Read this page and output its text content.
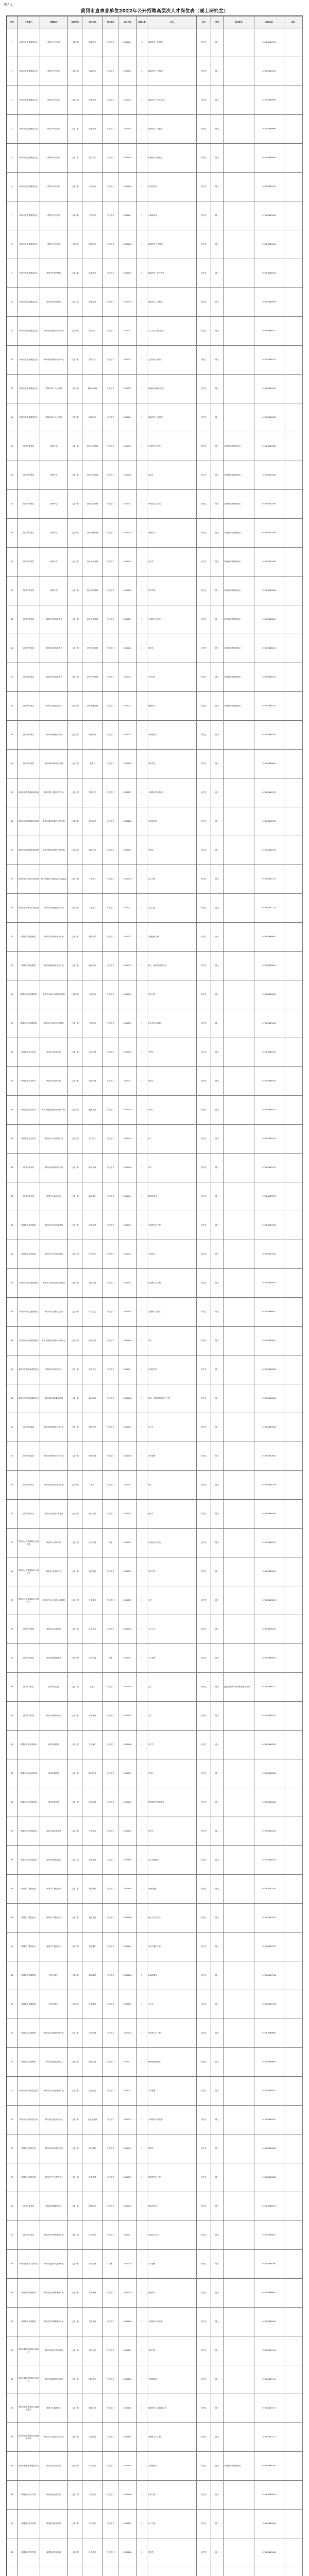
附件1：
黄冈市直事业单位2022年公开招聘高层次人才岗位表（硕士研究生）
序号	主管部门	招聘单位	单位性质	岗位名称	岗位类别	岗位代码	招聘人数	专业	学历	学位	其他要求	联系电话	备注
1	黄冈市卫生健康委员会	黄冈市中心医院	公益二类	临床医师	专业技术	2022001	3	临床医学（内科学）	研究生	硕士		0713-8656990	
2	黄冈市卫生健康委员会	黄冈市中心医院	公益二类	临床医师	专业技术	2022002	2	临床医学（外科学）	研究生	硕士		0713-8656990	
3	黄冈市卫生健康委员会	黄冈市中心医院	公益二类	临床医师	专业技术	2022003	2	临床医学（妇产科学）	研究生	硕士		0713-8656990	
4	黄冈市卫生健康委员会	黄冈市中心医院	公益二类	临床医师	专业技术	2022004	1	临床医学（儿科学）	研究生	硕士		0713-8656990	
5	黄冈市卫生健康委员会	黄冈市中心医院	公益二类	医技人员	专业技术	2022005	1	影像医学与核医学	研究生	硕士		0713-8656990	
6	黄冈市卫生健康委员会	黄冈市中医医院	公益二类	中医医师	专业技术	2022006	2	中医内科学	研究生	硕士		0713-8625432	
7	黄冈市卫生健康委员会	黄冈市中医医院	公益二类	中医医师	专业技术	2022007	1	针灸推拿学	研究生	硕士		0713-8625432	
8	黄冈市卫生健康委员会	黄冈市中医医院	公益二类	临床医师	专业技术	2022008	1	临床医学（外科学）	研究生	硕士		0713-8625432	
9	黄冈市卫生健康委员会	黄冈市妇幼保健院	公益二类	临床医师	专业技术	2022009	2	临床医学（妇产科学）	研究生	硕士		0713-8338616	
10	黄冈市卫生健康委员会	黄冈市妇幼保健院	公益二类	临床医师	专业技术	2022010	1	临床医学（儿科学）	研究生	硕士		0713-8338616	
11	黄冈市卫生健康委员会	黄冈市疾病预防控制中心	公益一类	疾控技术	专业技术	2022011	1	公共卫生与预防医学	研究生	硕士		0713-8656512	
12	黄冈市卫生健康委员会	黄冈市疾病预防控制中心	公益一类	检验技术	专业技术	2022012	1	卫生检验与检疫	研究生	硕士		0713-8656512	
13	黄冈市卫生健康委员会	黄冈市第二人民医院	公益二类	精神科医师	专业技术	2022013	1	精神病与精神卫生学	研究生	硕士		0713-8656330	
14	黄冈市卫生健康委员会	黄冈市第二人民医院	公益二类	临床医师	专业技术	2022014	1	临床医学（内科学）	研究生	硕士		0713-8656330	
15	黄冈市教育局	黄冈中学	公益一类	高中语文教师	专业技术	2022015	1	中国语言文学类	研究生	硕士	具有相应教师资格证	0713-8620380	
16	黄冈市教育局	黄冈中学	公益一类	高中数学教师	专业技术	2022016	1	数学类	研究生	硕士	具有相应教师资格证	0713-8620380	
17	黄冈市教育局	黄冈中学	公益一类	高中英语教师	专业技术	2022017	1	外国语言文学类	研究生	硕士	具有相应教师资格证	0713-8620380	
18	黄冈市教育局	黄冈中学	公益一类	高中物理教师	专业技术	2022018	1	物理学类	研究生	硕士	具有相应教师资格证	0713-8620380	
19	黄冈市教育局	黄冈中学	公益一类	高中化学教师	专业技术	2022019	1	化学类	研究生	硕士	具有相应教师资格证	0713-8620380	
20	黄冈市教育局	黄冈中学	公益一类	高中生物教师	专业技术	2022020	1	生物学类	研究生	硕士	具有相应教师资格证	0713-8620380	
21	黄冈市教育局	黄冈市实验高级中学	公益一类	高中语文教师	专业技术	2022021	1	中国语言文学类	研究生	硕士	具有相应教师资格证	0713-8338210	
22	黄冈市教育局	黄冈市实验高级中学	公益一类	高中数学教师	专业技术	2022022	1	数学类	研究生	硕士	具有相应教师资格证	0713-8338210	
23	黄冈市教育局	黄冈市实验高级中学	公益一类	高中历史教师	专业技术	2022023	1	历史学类	研究生	硕士	具有相应教师资格证	0713-8338210	
24	黄冈市教育局	黄冈市实验高级中学	公益一类	高中地理教师	专业技术	2022024	1	地理学类	研究生	硕士	具有相应教师资格证	0713-8338210	
25	黄冈市教育局	黄冈市特殊教育学校	公益一类	特教教师	专业技术	2022025	1	特殊教育学	研究生	硕士		0713-8656700	
26	黄冈市教育局	黄冈市教育科学研究院	公益一类	教研员	专业技术	2022026	1	教育学类	研究生	硕士		0713-8656802	
27	黄冈市自然资源和规划局	黄冈市国土资源信息中心	公益一类	信息技术	专业技术	2022027	1	计算机科学与技术	研究生	硕士		0713-8656178	
28	黄冈市自然资源和规划局	黄冈市城乡规划设计研究院	公益二类	规划设计	专业技术	2022028	1	城乡规划学	研究生	硕士		0713-8656178	
29	黄冈市自然资源和规划局	黄冈市城乡规划设计研究院	公益二类	建筑设计	专业技术	2022029	1	建筑学	研究生	硕士		0713-8656178	
30	黄冈市住房和城乡建设局	黄冈市建设工程质量安全监督站	公益一类	工程技术	专业技术	2022030	1	土木工程	研究生	硕士		0713-8657215	
31	黄冈市住房和城乡建设局	黄冈市市政设施维护中心	公益一类	工程技术	专业技术	2022031	1	市政工程	研究生	硕士		0713-8657215	
32	黄冈市交通运输局	黄冈市公路事业发展中心	公益一类	道路桥梁	专业技术	2022032	1	交通运输工程	研究生	硕士		0713-8656601	
33	黄冈市交通运输局	黄冈市港航事业发展中心	公益一类	港航工程	专业技术	2022033	1	港口、海岸及近海工程	研究生	硕士		0713-8656601	
34	黄冈市水利和湖泊局	黄冈市水利水电勘察设计院	公益二类	水利工程	专业技术	2022034	1	水利工程	研究生	硕士		0713-8625581	
35	黄冈市水利和湖泊局	黄冈市白莲河水库管理处	公益一类	水利工程	专业技术	2022035	1	水文学及水资源	研究生	硕士		0713-8625581	
36	黄冈市农业农村局	黄冈市农业科学院	公益一类	农业科研	专业技术	2022036	2	作物学	研究生	硕士		0713-8656410	
37	黄冈市农业农村局	黄冈市农业科学院	公益一类	园艺科研	专业技术	2022037	1	园艺学	研究生	硕士		0713-8656410	
38	黄冈市农业农村局	黄冈市畜牧兽医技术推广中心	公益一类	畜牧兽医	专业技术	2022038	1	兽医学	研究生	硕士		0713-8656410	
39	黄冈市农业农村局	黄冈市水产技术推广站	公益一类	水产技术	专业技术	2022039	1	水产	研究生	硕士		0713-8656410	
40	黄冈市林业局	黄冈市林业科学研究所	公益一类	林业科研	专业技术	2022040	1	林学	研究生	硕士		0713-8625327	
41	黄冈市林业局	黄冈市大崎山林场	公益一类	森林保护	专业技术	2022041	1	森林保护学	研究生	硕士		0713-8625327	
42	黄冈市生态环境局	黄冈市生态环境监测站	公益一类	环境监测	专业技术	2022042	1	环境科学与工程	研究生	硕士		0713-8657028	
43	黄冈市生态环境局	黄冈市生态环境监测站	公益一类	分析化学	专业技术	2022043	1	分析化学	研究生	硕士		0713-8657028	
44	黄冈市市场监督管理局	黄冈市产品质量监督检验所	公益一类	检验检测	专业技术	2022044	1	食品科学与工程	研究生	硕士		0713-8656952	
45	黄冈市市场监督管理局	黄冈市计量测试检定所	公益一类	计量检定	专业技术	2022045	1	仪器科学与技术	研究生	硕士		0713-8656952	
46	黄冈市市场监督管理局	黄冈市食品药品检验检测中心	公益一类	药品检验	专业技术	2022046	1	药学	研究生	硕士		0713-8656952	
47	黄冈市发展和改革委员会	黄冈市经济研究中心	公益一类	经济研究	专业技术	2022047	1	应用经济学	研究生	硕士		0713-8656218	
48	黄冈市发展和改革委员会	黄冈市粮油质量监测站	公益一类	粮油检测	专业技术	2022048	1	粮食、油脂及植物蛋白工程	研究生	硕士		0713-8656218	
49	黄冈市财政局	黄冈市财政投资评审中心	公益一类	投资评审	专业技术	2022049	1	会计学	研究生	硕士		0713-8657662	
50	黄冈市财政局	黄冈市国库集中支付中心	公益一类	财务管理	专业技术	2022050	1	财务管理	研究生	硕士		0713-8657662	
51	黄冈市审计局	黄冈市经济责任审计中心	公益一类	审计	专业技术	2022051	1	审计	研究生	硕士		0713-8656736	
52	黄冈市统计局	黄冈市社会经济调查队	公益一类	统计分析	专业技术	2022052	1	统计学	研究生	硕士		0713-8656361	
53	黄冈市人力资源和社会保障局	黄冈市人事考试院	公益一类	综合管理	管理	2022053	1	中国语言文学类	研究生	硕士		0713-8656293	
54	黄冈市人力资源和社会保障局	黄冈市社会保险中心	公益一类	信息管理	专业技术	2022054	1	软件工程	研究生	硕士		0713-8656293	
55	黄冈市人力资源和社会保障局	黄冈市劳动人事争议仲裁院	公益一类	法律事务	专业技术	2022055	1	法学	研究生	硕士		0713-8656293	
56	黄冈市民政局	黄冈市社会福利院	公益一类	社会工作	专业技术	2022056	1	社会工作	研究生	硕士		0713-8656095	
57	黄冈市民政局	黄冈市救助管理站	公益一类	综合管理	管理	2022057	1	公共管理	研究生	硕士		0713-8656095	
58	黄冈市司法局	黄冈市公证处	公益二类	公证员	专业技术	2022058	1	法学	研究生	硕士	通过国家统一法律职业资格考试	0713-8656122	
59	黄冈市司法局	黄冈市法律援助中心	公益一类	法律援助	专业技术	2022059	1	法学	研究生	硕士		0713-8656122	
60	黄冈市文化和旅游局	黄冈市博物馆	公益一类	文物保护	专业技术	2022060	1	考古学	研究生	硕士		0713-8656528	
61	黄冈市文化和旅游局	黄冈市博物馆	公益一类	陈列展览	专业技术	2022061	1	中国史	研究生	硕士		0713-8656528	
62	黄冈市文化和旅游局	黄冈市图书馆	公益一类	图书管理	专业技术	2022062	1	图书情报与档案管理	研究生	硕士		0713-8656528	
63	黄冈市文化和旅游局	黄冈市群众艺术馆	公益一类	文艺创作	专业技术	2022063	1	艺术学	研究生	硕士		0713-8656528	
64	黄冈市文化和旅游局	黄冈市黄梅戏剧院	公益二类	音乐创作	专业技术	2022064	1	音乐与舞蹈学	研究生	硕士		0713-8656528	
65	黄冈市广播电视台	黄冈市广播电视台	公益二类	新闻采编	专业技术	2022065	2	新闻传播学	研究生	硕士		0713-8657105	
66	黄冈市广播电视台	黄冈市广播电视台	公益二类	播音主持	专业技术	2022066	1	播音与主持艺术	研究生	硕士		0713-8657105	
67	黄冈市广播电视台	黄冈市广播电视台	公益二类	技术维护	专业技术	2022067	1	信息与通信工程	研究生	硕士		0713-8657105	
68	黄冈日报传媒集团	黄冈日报社	公益二类	新闻编辑	专业技术	2022068	2	新闻传播学	研究生	硕士		0713-8657318	
69	黄冈日报传媒集团	黄冈日报社	公益二类	美术编辑	专业技术	2022069	1	设计学	研究生	硕士		0713-8657318	
70	黄冈市应急管理局	黄冈市应急救援指挥中心	公益一类	安全管理	专业技术	2022070	1	安全科学与工程	研究生	硕士		0713-8656860	
71	黄冈市应急管理局	黄冈市地震监测中心	公益一类	地震监测	专业技术	2022071	1	固体地球物理学	研究生	硕士		0713-8656860	
72	黄冈市经济和信息化局	黄冈市中小企业服务中心	公益一类	企业服务	专业技术	2022072	1	工商管理	研究生	硕士		0713-8656447	
73	黄冈市经济和信息化局	黄冈市信息化推进中心	公益一类	信息化建设	专业技术	2022073	1	计算机科学与技术	研究生	硕士		0713-8656447	
74	黄冈市科学技术局	黄冈市科技信息研究所	公益一类	科技情报	专业技术	2022074	1	情报学	研究生	硕士		0713-8656583	
75	黄冈市科学技术局	黄冈市生产力促进中心	公益一类	技术转移	专业技术	2022075	1	管理科学与工程	研究生	硕士		0713-8656583	
76	黄冈市商务局	黄冈市招商服务中心	公益一类	招商服务	专业技术	2022076	1	国际贸易学	研究生	硕士		0713-8656671	
77	黄冈市商务局	黄冈市对外贸易服务中心	公益一类	外贸服务	专业技术	2022077	1	英语语言文学	研究生	硕士		0713-8656671	
78	黄冈市退役军人事务局	黄冈市退役军人服务中心	公益一类	综合管理	管理	2022078	1	公共管理	研究生	硕士		0713-8656790	
79	黄冈市医疗保障局	黄冈市医疗保障服务中心	公益一类	医保审核	专业技术	2022079	1	临床医学	研究生	硕士		0713-8656905	
80	黄冈市医疗保障局	黄冈市医疗保障服务中心	公益一类	信息管理	专业技术	2022080	1	计算机科学与技术	研究生	硕士		0713-8656905	
81	黄冈市城市管理执法委员会	黄冈市环境卫生管理处	公益一类	环境工程	专业技术	2022081	1	环境工程	研究生	硕士		0713-8657140	
82	黄冈市城市管理执法委员会	黄冈市园林绿化管理处	公益一类	园林设计	专业技术	2022082	1	风景园林学	研究生	硕士		0713-8657140	
83	黄冈市政务服务和大数据管理局	黄冈市大数据中心	公益一类	数据分析	专业技术	2022083	1	数据科学与大数据技术	研究生	硕士		0713-8657277	
84	黄冈市政务服务和大数据管理局	黄冈市公共资源交易中心	公益一类	交易服务	专业技术	2022084	1	管理科学与工程	研究生	硕士		0713-8657277	
85	黄冈市机关事务服务中心	黄冈市机关幼儿园	公益一类	幼儿教师	专业技术	2022085	1	学前教育学	研究生	硕士	具有相应教师资格证	0713-8656240	
86	黄冈职业技术学院	黄冈职业技术学院	公益二类	专业教师	专业技术	2022086	3	机械工程	研究生	硕士		0713-8345618	
87	黄冈职业技术学院	黄冈职业技术学院	公益二类	专业教师	专业技术	2022087	2	电气工程	研究生	硕士		0713-8345618	
88	黄冈职业技术学院	黄冈职业技术学院	公益二类	专业教师	专业技术	2022088	2	护理学	研究生	硕士		0713-8345618	
